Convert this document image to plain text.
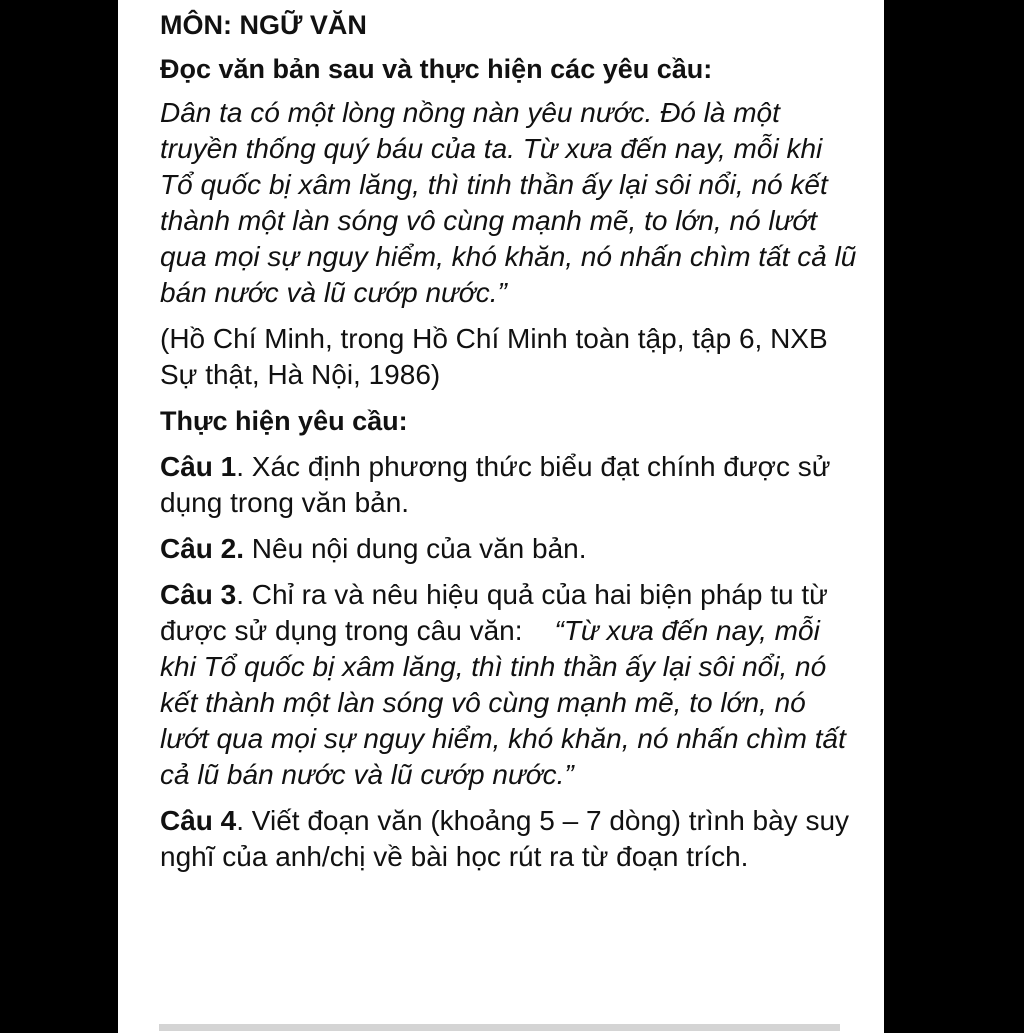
MÔN: NGỮ VĂN

Đọc văn bản sau và thực hiện các yêu cầu:

Dân ta có một lòng nồng nàn yêu nước. Đó là một truyền thống quý báu của ta. Từ xưa đến nay, mỗi khi Tổ quốc bị xâm lăng, thì tinh thần ấy lại sôi nổi, nó kết thành một làn sóng vô cùng mạnh mẽ, to lớn, nó lướt qua mọi sự nguy hiểm, khó khăn, nó nhấn chìm tất cả lũ bán nước và lũ cướp nước.”

(Hồ Chí Minh, trong Hồ Chí Minh toàn tập, tập 6, NXB Sự thật, Hà Nội, 1986)

Thực hiện yêu cầu:

Câu 1. Xác định phương thức biểu đạt chính được sử dụng trong văn bản.

Câu 2. Nêu nội dung của văn bản.

Câu 3. Chỉ ra và nêu hiệu quả của hai biện pháp tu từ được sử dụng trong câu văn: “Từ xưa đến nay, mỗi khi Tổ quốc bị xâm lăng, thì tinh thần ấy lại sôi nổi, nó kết thành một làn sóng vô cùng mạnh mẽ, to lớn, nó lướt qua mọi sự nguy hiểm, khó khăn, nó nhấn chìm tất cả lũ bán nước và lũ cướp nước.”

Câu 4. Viết đoạn văn (khoảng 5 – 7 dòng) trình bày suy nghĩ của anh/chị về bài học rút ra từ đoạn trích.
